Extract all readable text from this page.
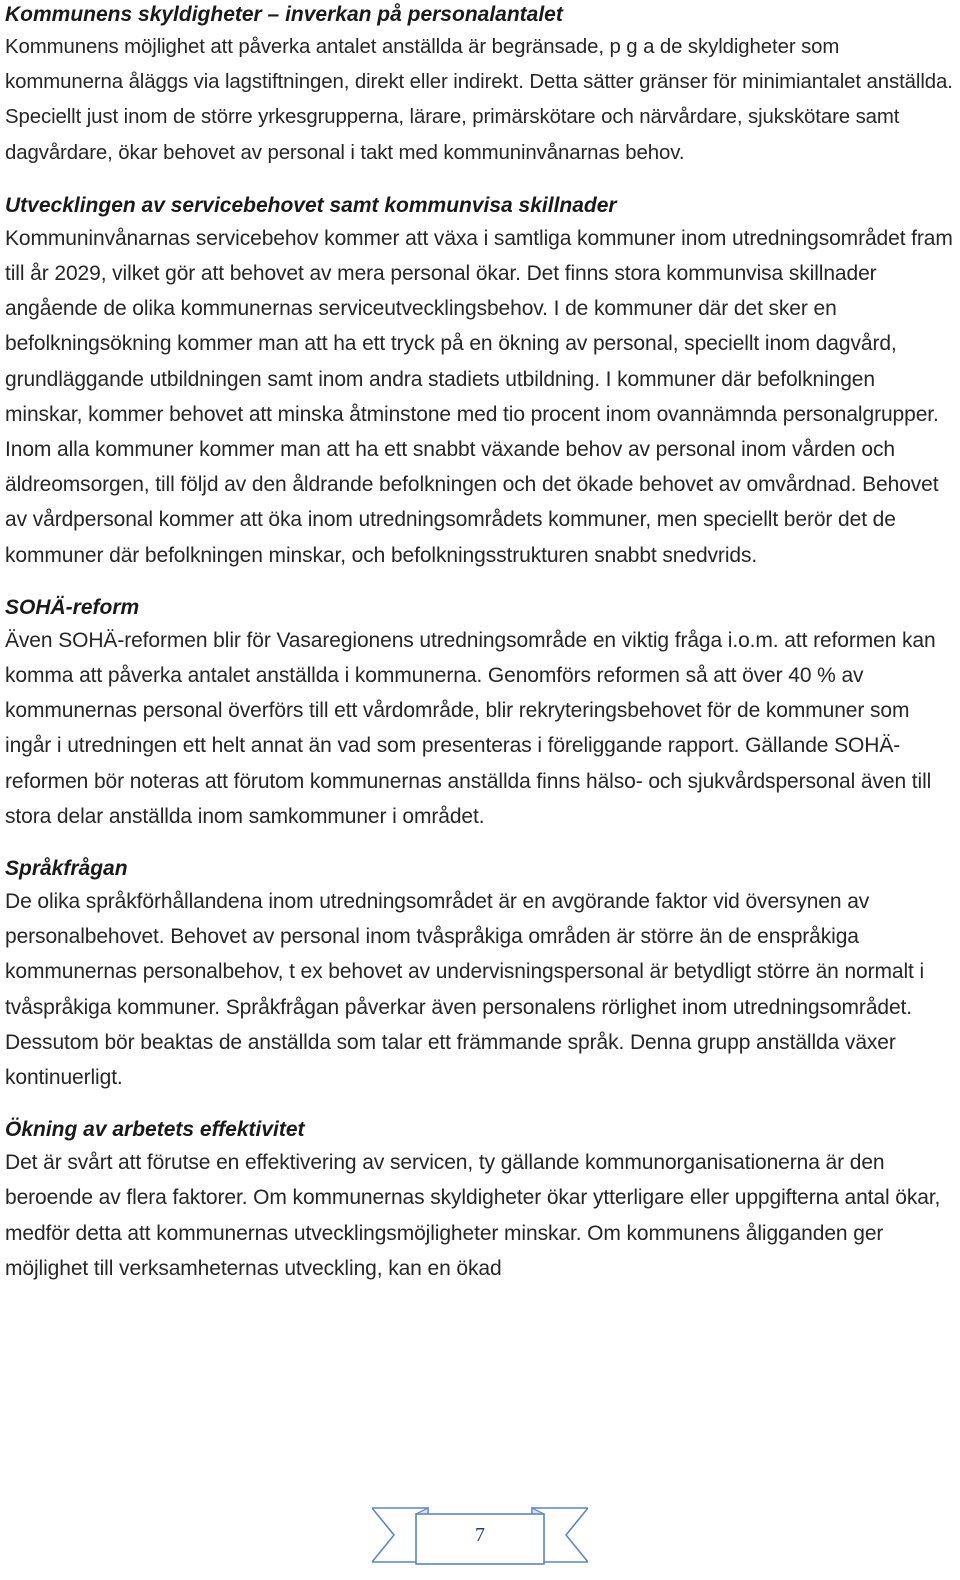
Kommunens skyldigheter – inverkan på personalantalet

Kommunens möjlighet att påverka antalet anställda är begränsade, p g a de skyldigheter som kommunerna åläggs via lagstiftningen, direkt eller indirekt. Detta sätter gränser för minimiantalet anställda. Speciellt just inom de större yrkesgrupperna, lärare, primärskötare och närvårdare, sjukskötare samt dagvårdare, ökar behovet av personal i takt med kommuninvånarnas behov.

Utvecklingen av servicebehovet samt kommunvisa skillnader

Kommuninvånarnas servicebehov kommer att växa i samtliga kommuner inom utredningsområdet fram till år 2029, vilket gör att behovet av mera personal ökar. Det finns stora kommunvisa skillnader angående de olika kommunernas serviceutvecklingsbehov. I de kommuner där det sker en befolkningsökning kommer man att ha ett tryck på en ökning av personal, speciellt inom dagvård, grundläggande utbildningen samt inom andra stadiets utbildning. I kommuner där befolkningen minskar, kommer behovet att minska åtminstone med tio procent inom ovannämnda personalgrupper. Inom alla kommuner kommer man att ha ett snabbt växande behov av personal inom vården och äldreomsorgen, till följd av den åldrande befolkningen och det ökade behovet av omvårdnad. Behovet av vårdpersonal kommer att öka inom utredningsområdets kommuner, men speciellt berör det de kommuner där befolkningen minskar, och befolkningsstrukturen snabbt snedvrids.

SOHÄ-reform

Även SOHÄ-reformen blir för Vasaregionens utredningsområde en viktig fråga i.o.m. att reformen kan komma att påverka antalet anställda i kommunerna. Genomförs reformen så att över 40 % av kommunernas personal överförs till ett vårdområde, blir rekryteringsbehovet för de kommuner som ingår i utredningen ett helt annat än vad som presenteras i föreliggande rapport. Gällande SOHÄ-reformen bör noteras att förutom kommunernas anställda finns hälso- och sjukvårdspersonal även till stora delar anställda inom samkommuner i området.

Språkfrågan

De olika språkförhållandena inom utredningsområdet är en avgörande faktor vid översynen av personalbehovet. Behovet av personal inom tvåspråkiga områden är större än de enspråkiga kommunernas personalbehov, t ex behovet av undervisningspersonal är betydligt större än normalt i tvåspråkiga kommuner. Språkfrågan påverkar även personalens rörlighet inom utredningsområdet. Dessutom bör beaktas de anställda som talar ett främmande språk. Denna grupp anställda växer kontinuerligt.

Ökning av arbetets effektivitet

Det är svårt att förutse en effektivering av servicen, ty gällande kommunorganisationerna är den beroende av flera faktorer. Om kommunernas skyldigheter ökar ytterligare eller uppgifterna antal ökar, medför detta att kommunernas utvecklingsmöjligheter minskar. Om kommunens åligganden ger möjlighet till verksamheternas utveckling, kan en ökad

7
